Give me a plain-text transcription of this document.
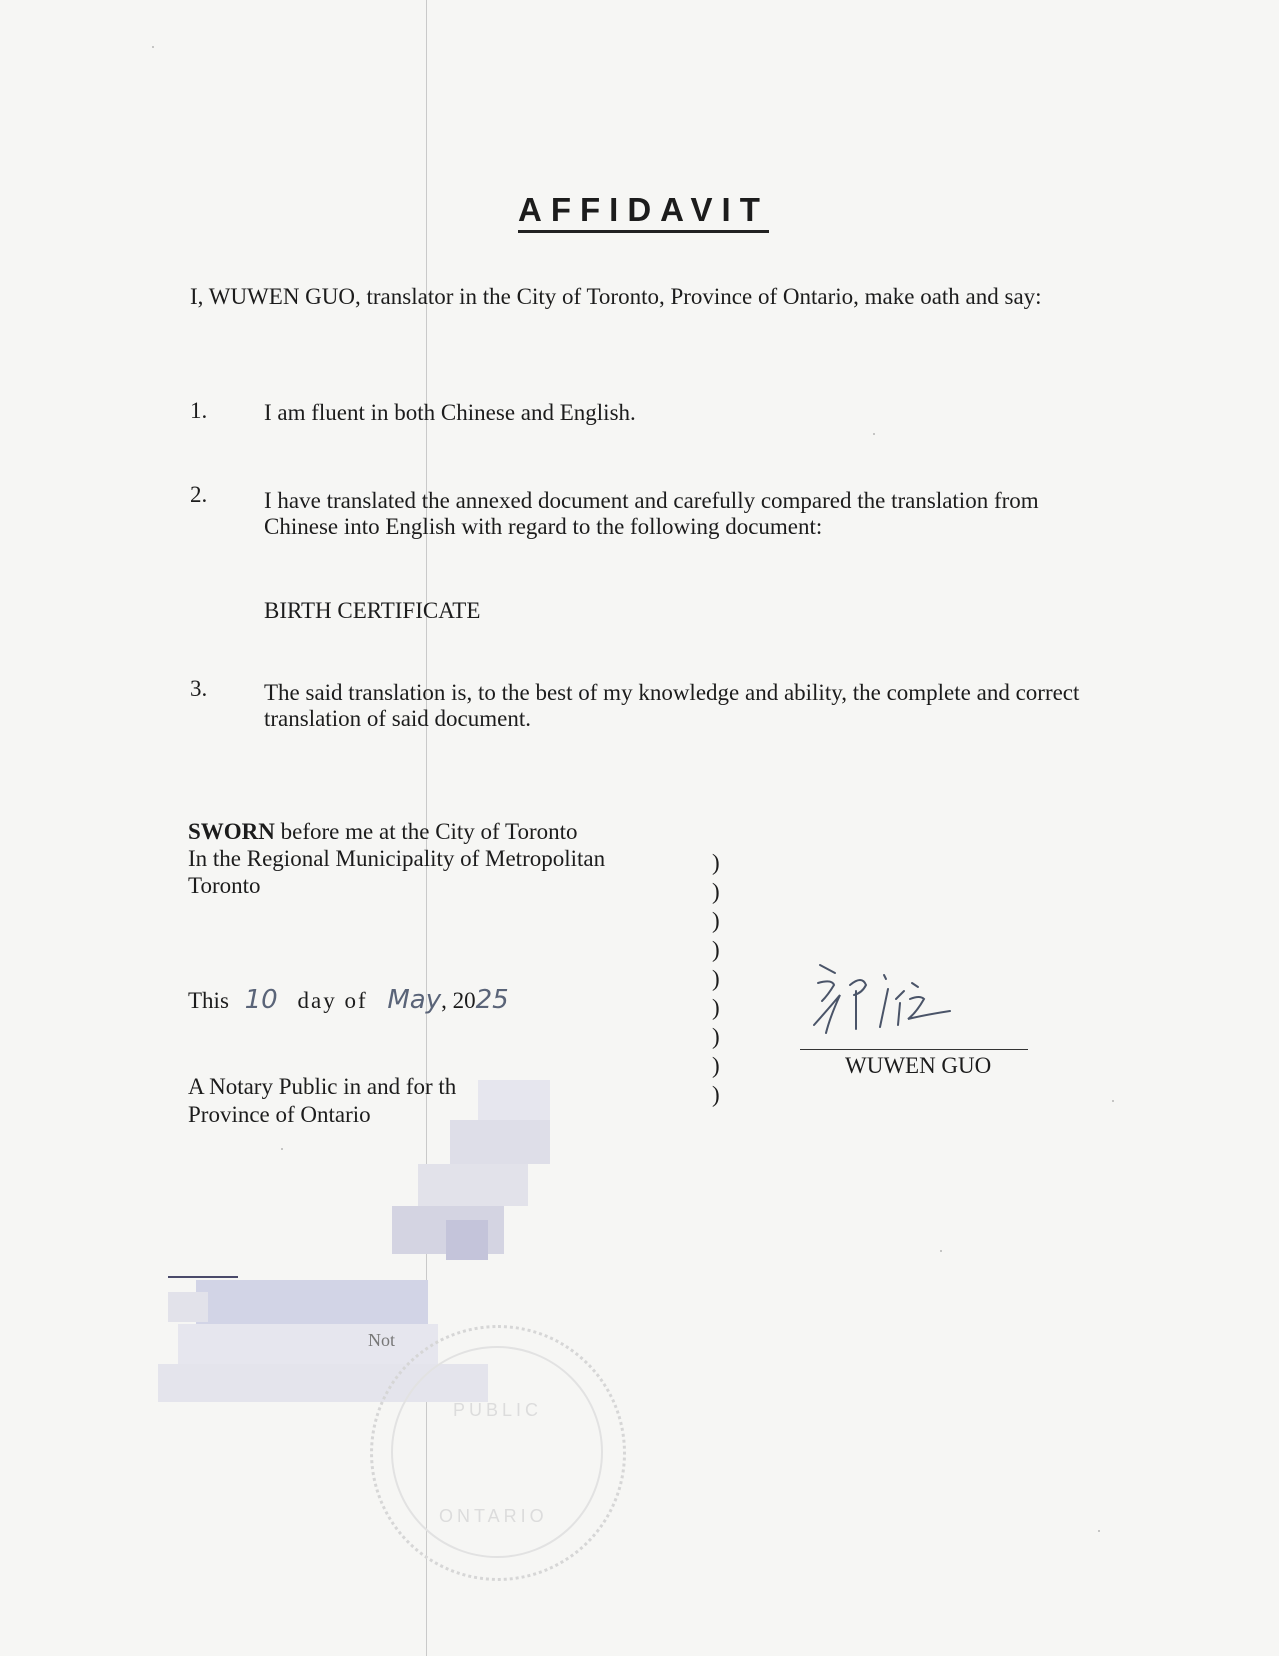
AFFIDAVIT
I, WUWEN GUO, translator in the City of Toronto, Province of Ontario, make oath and say:
1. I am fluent in both Chinese and English.
2. I have translated the annexed document and carefully compared the translation from Chinese into English with regard to the following document:
BIRTH CERTIFICATE
3. The said translation is, to the best of my knowledge and ability, the complete and correct translation of said document.
SWORN before me at the City of Toronto
In the Regional Municipality of Metropolitan
Toronto
)
)
)
)
)
)
)
)
)
This 10 day of May, 2025
A Notary Public in and for th
Province of Ontario
WUWEN GUO
Not
PUBLIC
ONTARIO
